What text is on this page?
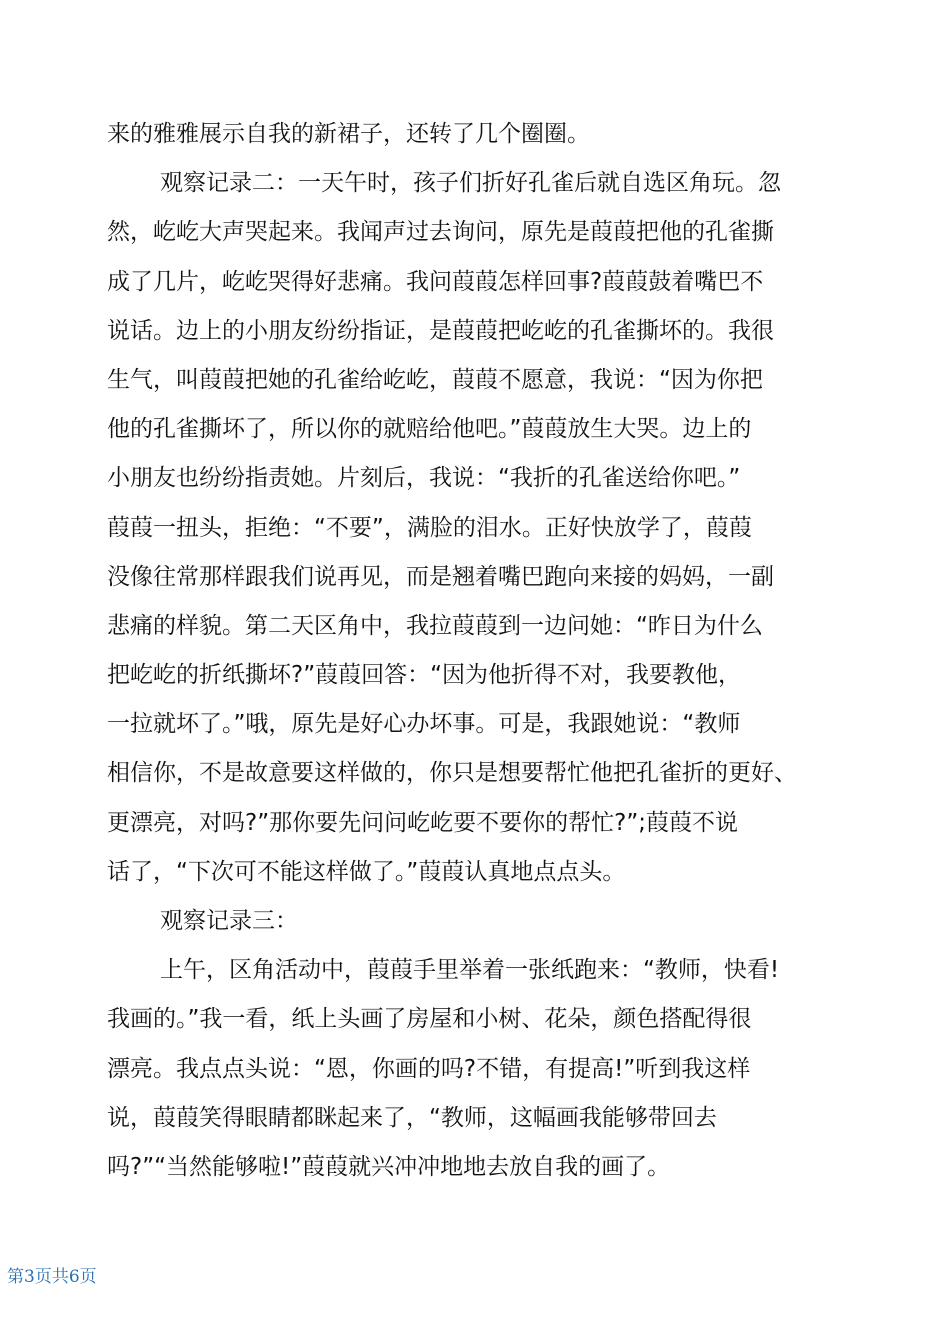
来的雅雅展示自我的新裙子，还转了几个圈圈。
观察记录二：一天午时，孩子们折好孔雀后就自选区角玩。忽
然，屹屹大声哭起来。我闻声过去询问，原先是葭葭把他的孔雀撕
成了几片，屹屹哭得好悲痛。我问葭葭怎样回事?葭葭鼓着嘴巴不
说话。边上的小朋友纷纷指证，是葭葭把屹屹的孔雀撕坏的。我很
生气，叫葭葭把她的孔雀给屹屹，葭葭不愿意，我说：“因为你把
他的孔雀撕坏了，所以你的就赔给他吧。”葭葭放生大哭。边上的
小朋友也纷纷指责她。片刻后，我说：“我折的孔雀送给你吧。”
葭葭一扭头，拒绝：“不要”，满脸的泪水。正好快放学了，葭葭
没像往常那样跟我们说再见，而是翘着嘴巴跑向来接的妈妈，一副
悲痛的样貌。第二天区角中，我拉葭葭到一边问她：“昨日为什么
把屹屹的折纸撕坏?”葭葭回答：“因为他折得不对，我要教他，
一拉就坏了。”哦，原先是好心办坏事。可是，我跟她说：“教师
相信你，不是故意要这样做的，你只是想要帮忙他把孔雀折的更好、
更漂亮，对吗?”那你要先问问屹屹要不要你的帮忙?”;葭葭不说
话了，“下次可不能这样做了。”葭葭认真地点点头。
观察记录三：
上午，区角活动中，葭葭手里举着一张纸跑来：“教师，快看!
我画的。”我一看，纸上头画了房屋和小树、花朵，颜色搭配得很
漂亮。我点点头说：“恩，你画的吗?不错，有提高!”听到我这样
说，葭葭笑得眼睛都眯起来了，“教师，这幅画我能够带回去
吗?”“当然能够啦!”葭葭就兴冲冲地地去放自我的画了。
第3页共6页
